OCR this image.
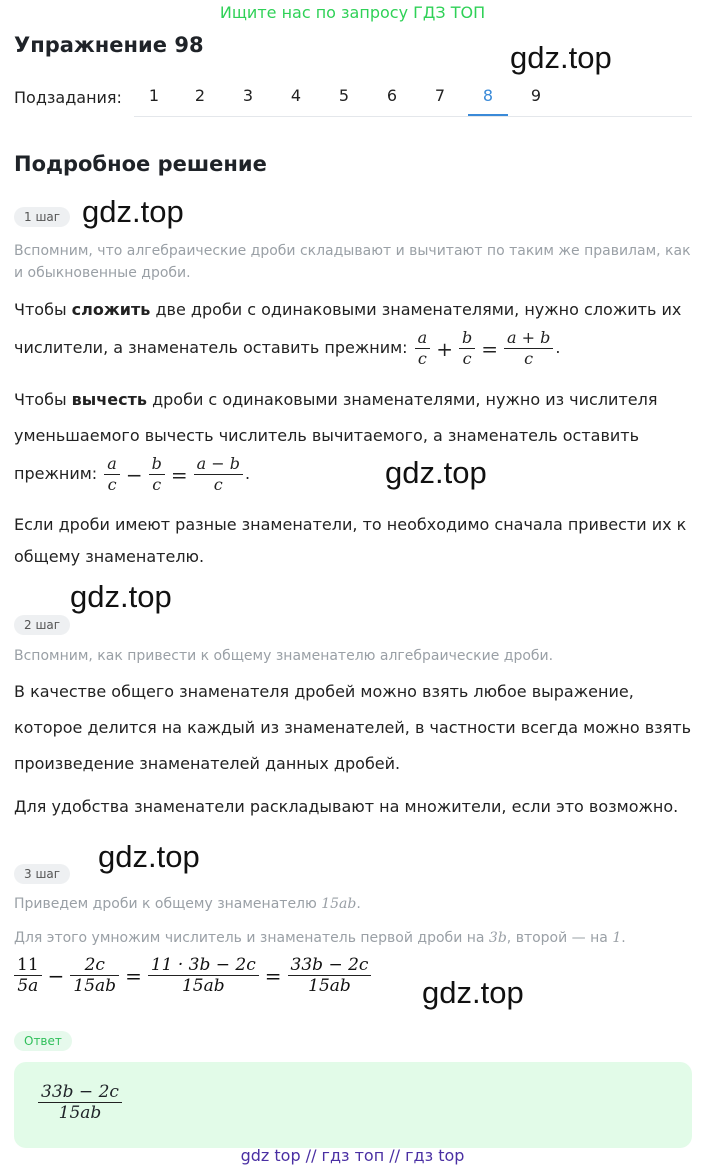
Ищите нас по запросу ГДЗ ТОП
Упражнение 98	gdz.top
Подзадания:	1	2	3	4	5	6	7	8	9
Подробное решение
1 шаг gdz.top
Вспомним, что алгебраические дроби складывают и вычитают по таким же правилам, как и обыкновенные дроби.
Чтобы сложить две дроби с одинаковыми знаменателями, нужно сложить их числители, а знаменатель оставить прежним: $\frac{a}{c} + \frac{b}{c} = \frac{a + b}{c}$ .
Чтобы вычесть дроби с одинаковыми знаменателями, нужно из числителя уменьшаемого вычесть числитель вычитаемого, а знаменатель оставить прежним: $\frac{a}{c} - \frac{b}{c} = \frac{a - b}{c}$ .	gdz.top
Если дроби имеют разные знаменатели, то необходимо сначала привести их к общему знаменателю.
gdz.top
2 шаг
Вспомним, как привести к общему знаменателю алгебраические дроби.
В качестве общего знаменателя дробей можно взять любое выражение, которое делится на каждый из знаменателей, в частности всегда можно взять произведение знаменателей данных дробей.
Для удобства знаменатели раскладывают на множители, если это возможно.
gdz.top
3 шаг
Приведем дроби к общему знаменателю 15ab.
Для этого умножим числитель и знаменатель первой дроби на 3b, второй — на 1.
$\frac{11}{5a} - \frac{2c}{15ab} = \frac{11 \cdot 3b - 2c}{15ab} = \frac{33b - 2c}{15ab} gdz.top$
Ответ
$\frac{33b - 2c}{15ab}$
gdz top // гдз топ // гдз top
